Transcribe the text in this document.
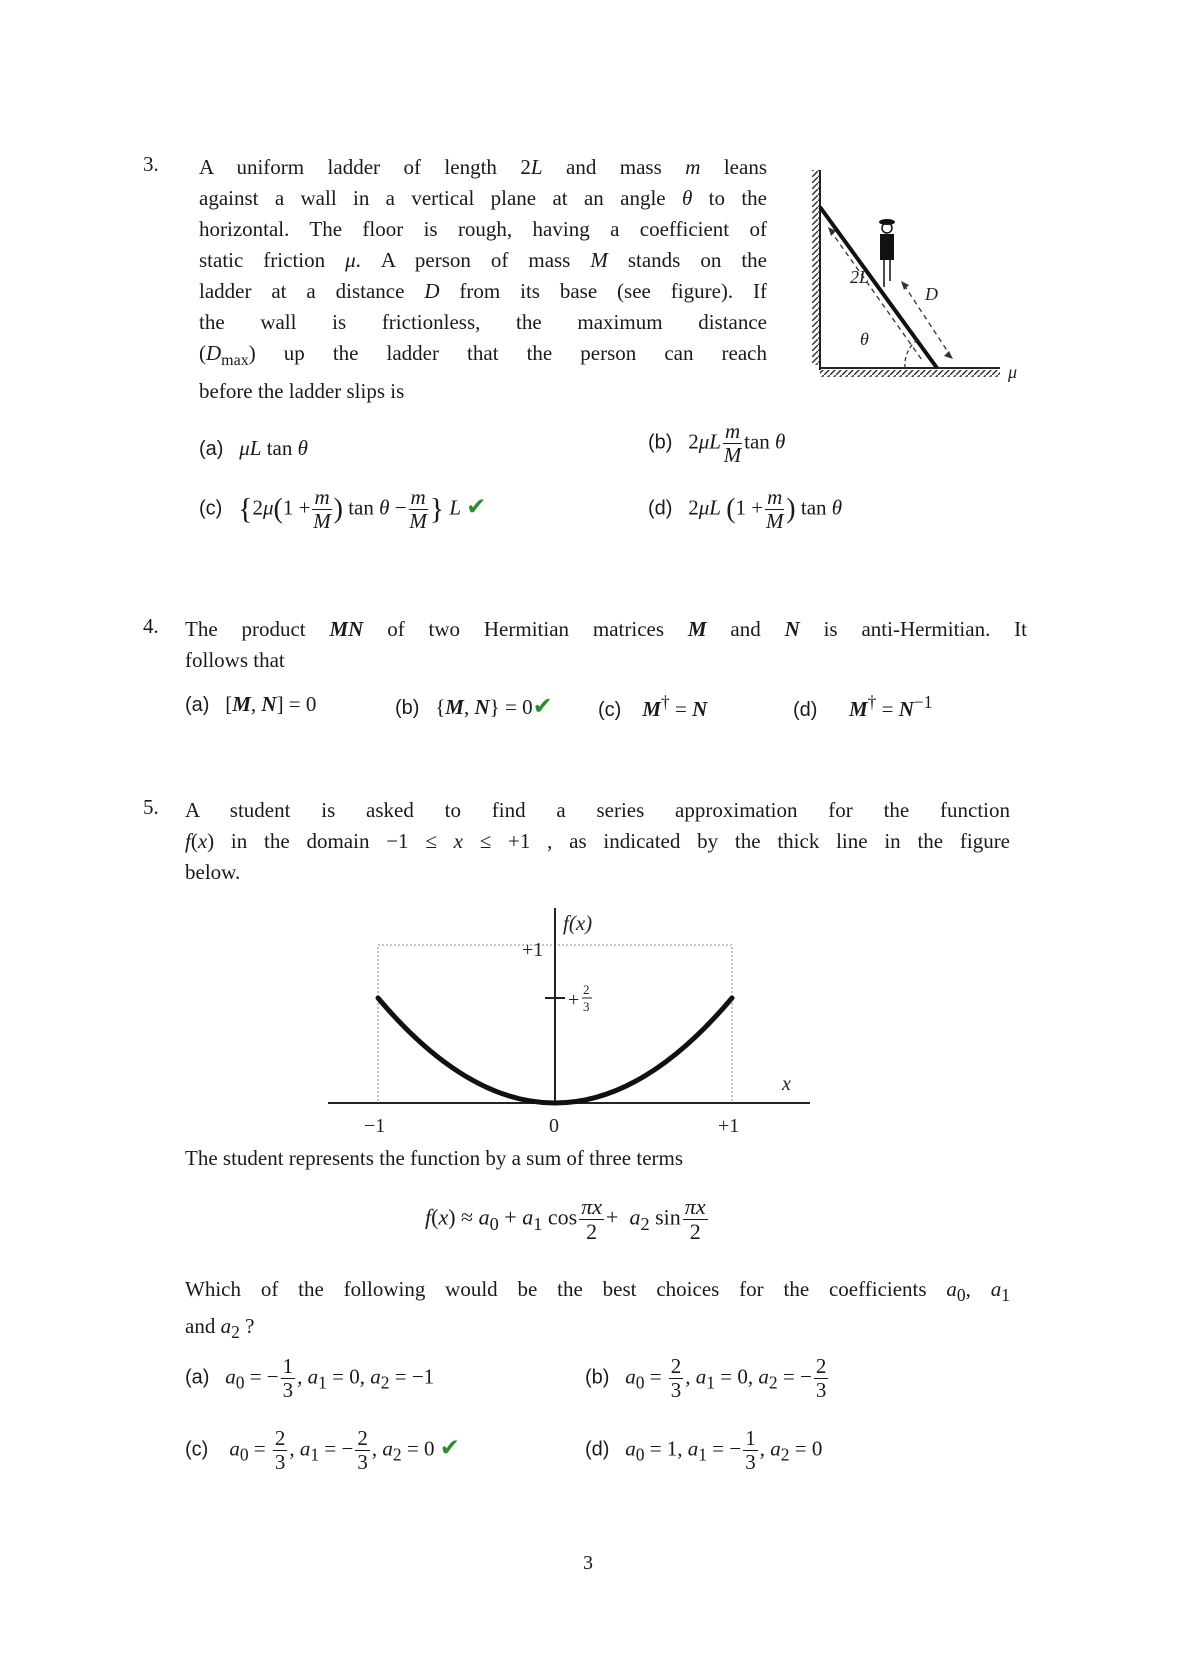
3. A uniform ladder of length 2L and mass m leans
against a wall in a vertical plane at an angle θ to the
horizontal. The floor is rough, having a coefficient of
static friction μ. A person of mass M stands on the
ladder at a distance D from its base (see figure). If
the wall is frictionless, the maximum distance
$(D_{max})$ up the ladder that the person can reach
before the ladder slips is
2L
D
θ
μ
(a) μL tan θ	(b)   $2\mu L \frac{m}{M}$ tan θ
(c) {$2\mu(1 + \frac{m}{M}$ ) $\tan \theta - \frac{m}{M}$ } L ✔	(d)   2μL ($1 + \frac{m}{M}$ ) tan θ
4. The product MN of two Hermitian matrices M and N is anti-Hermitian. It
follows that
(a)   [M, N] = 0	(b)   {M, N} = 0✔ (c) M† = N	(d) $M^\dagger = N^{-1}$
5. A student is asked to find a series approximation for the function
f(x) in the domain −1 ≤ x ≤ +1 , as indicated by the thick line in the figure
below.
f(x)
x
+1
+ 2
3
−1	0	+1
The student represents the function by a sum of three terms
$f(x) \approx a_0 + a_1$ $\cos \frac{\pi x}{2} + a_2$ $\sin \frac{\pi x}{2}$
Which of the following would be the best choices for the coefficients $a_0$, $a_1$
and $a_2$ ?
(a) $a_0$ = − $\frac{1}{3}$ , $a_1 = 0$, $a_2 = -1$	(b) $a_0 = \frac{2}{3}$ , $a_1 = 0$, $a_2$ = − $\frac{2}{3}$
(c) $a_0 = \frac{2}{3}$ , $a_1$ = − $\frac{2}{3}$ , $a_2 = 0$ ✔	(d) $a_0 = 1$, $a_1$ = − $\frac{1}{3}$ , $a_2 = 0$
3
